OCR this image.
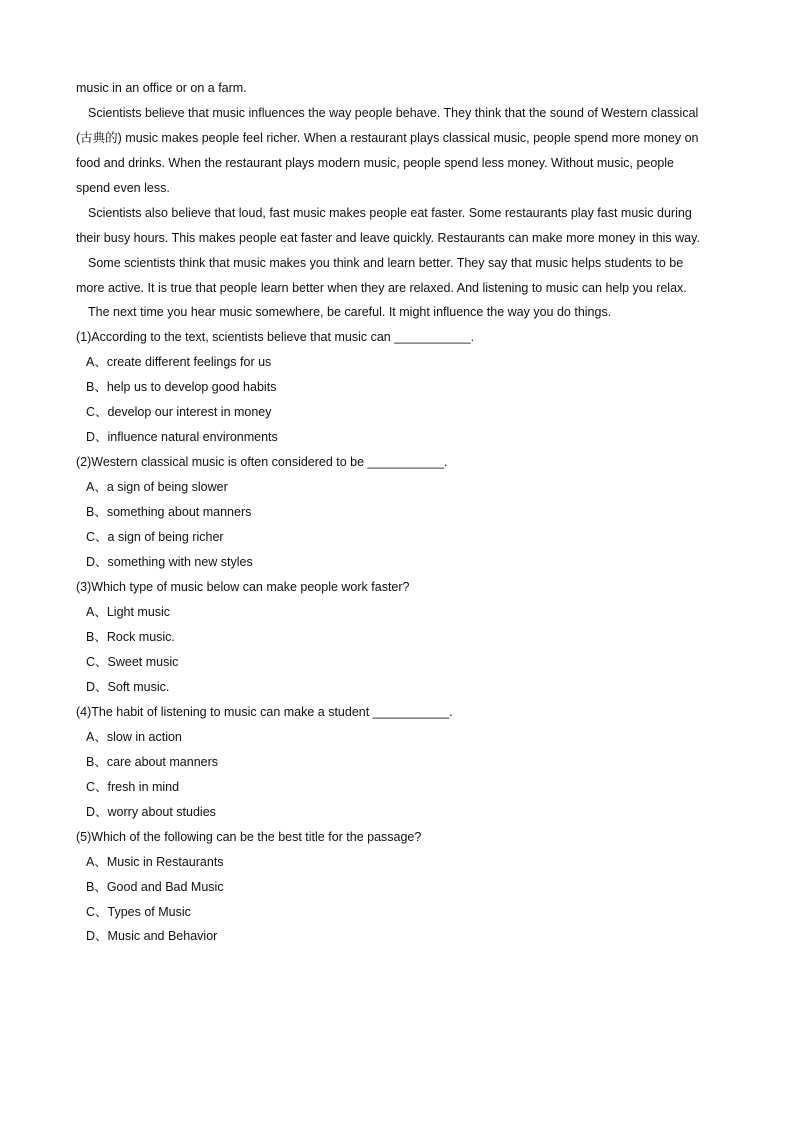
music in an office or on a farm.
Scientists believe that music influences the way people behave. They think that the sound of Western classical
(古典的) music makes people feel richer. When a restaurant plays classical music, people spend more money on
food and drinks. When the restaurant plays modern music, people spend less money. Without music, people
spend even less.
Scientists also believe that loud, fast music makes people eat faster. Some restaurants play fast music during
their busy hours. This makes people eat faster and leave quickly. Restaurants can make more money in this way.
Some scientists think that music makes you think and learn better. They say that music helps students to be
more active. It is true that people learn better when they are relaxed. And listening to music can help you relax.
The next time you hear music somewhere, be careful. It might influence the way you do things.
(1)According to the text, scientists believe that music can ___________.
A、create different feelings for us
B、help us to develop good habits
C、develop our interest in money
D、influence natural environments
(2)Western classical music is often considered to be ___________.
A、a sign of being slower
B、something about manners
C、a sign of being richer
D、something with new styles
(3)Which type of music below can make people work faster?
A、Light music
B、Rock music.
C、Sweet music
D、Soft music.
(4)The habit of listening to music can make a student ___________.
A、slow in action
B、care about manners
C、fresh in mind
D、worry about studies
(5)Which of the following can be the best title for the passage?
A、Music in Restaurants
B、Good and Bad Music
C、Types of Music
D、Music and Behavior
